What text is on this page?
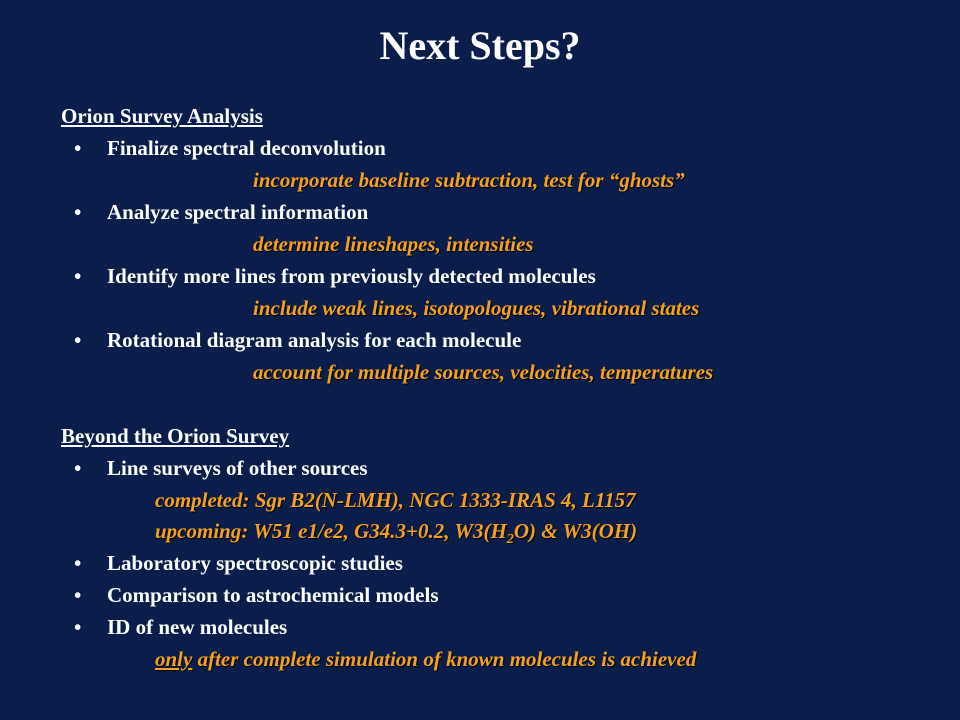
Next Steps?
Orion Survey Analysis
•	Finalize spectral deconvolution
incorporate baseline subtraction, test for “ghosts”
•	Analyze spectral information
determine lineshapes, intensities
•	Identify more lines from previously detected molecules
include weak lines, isotopologues, vibrational states
•	Rotational diagram analysis for each molecule
account for multiple sources, velocities, temperatures
Beyond the Orion Survey
•	Line surveys of other sources
completed: Sgr B2(N-LMH), NGC 1333-IRAS 4, L1157
upcoming: W51 e1/e2, G34.3+0.2, $W3(H_2O)$ & W3(OH)
•	Laboratory spectroscopic studies
•	Comparison to astrochemical models
•	ID of new molecules
only after complete simulation of known molecules is achieved
